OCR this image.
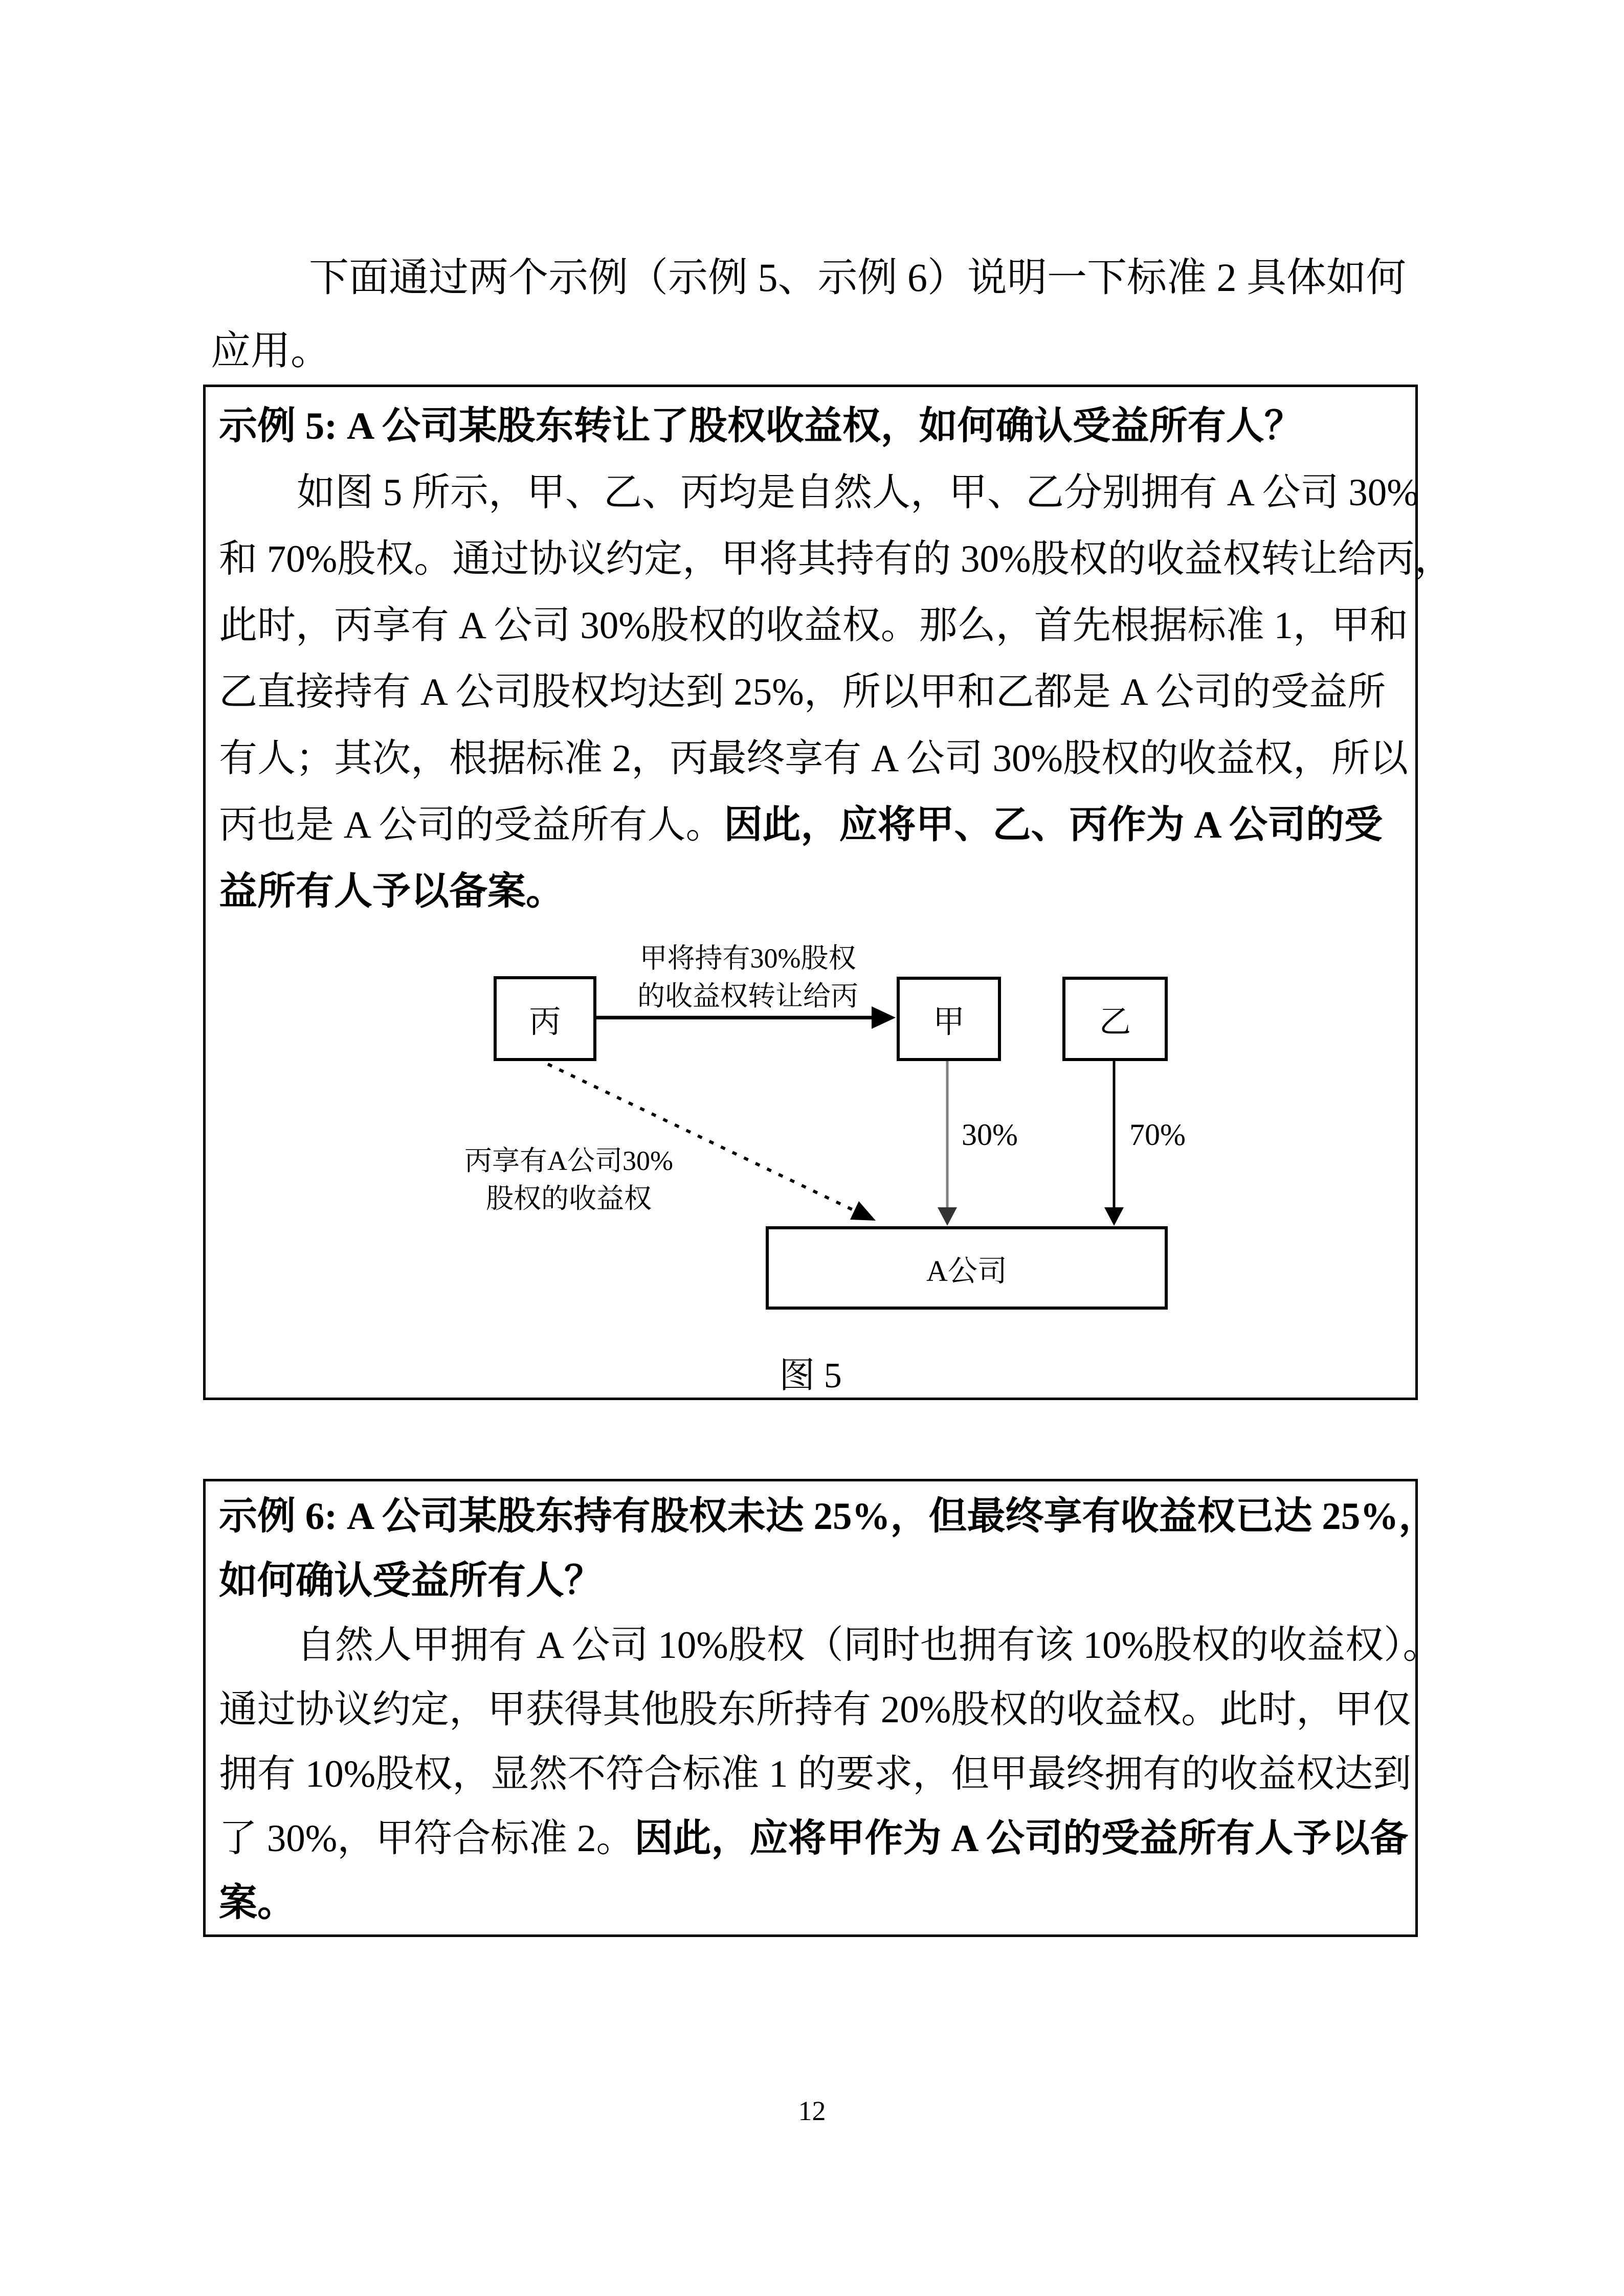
下面通过两个示例（示例 5、示例 6）说明一下标准 2 具体如何
应用。
示例 5: A 公司某股东转让了股权收益权，如何确认受益所有人？
如图 5 所示，甲、乙、丙均是自然人，甲、乙分别拥有 A 公司 30%
和 70%股权。通过协议约定，甲将其持有的 30%股权的收益权转让给丙，
此时，丙享有 A 公司 30%股权的收益权。那么，首先根据标准 1，甲和
乙直接持有 A 公司股权均达到 25%，所以甲和乙都是 A 公司的受益所
有人；其次，根据标准 2，丙最终享有 A 公司 30%股权的收益权，所以
丙也是 A 公司的受益所有人。因此，应将甲、乙、丙作为 A 公司的受
益所有人予以备案。
丙	甲	乙
A公司
甲将持有30%股权
的收益权转让给丙
丙享有A公司30%
股权的收益权
30%	70%
图 5
示例 6: A 公司某股东持有股权未达 25%，但最终享有收益权已达 25%，
如何确认受益所有人？
自然人甲拥有 A 公司 10%股权（同时也拥有该 10%股权的收益权）。
通过协议约定，甲获得其他股东所持有 20%股权的收益权。此时，甲仅
拥有 10%股权，显然不符合标准 1 的要求，但甲最终拥有的收益权达到
了 30%，甲符合标准 2。因此，应将甲作为 A 公司的受益所有人予以备
案。
12
